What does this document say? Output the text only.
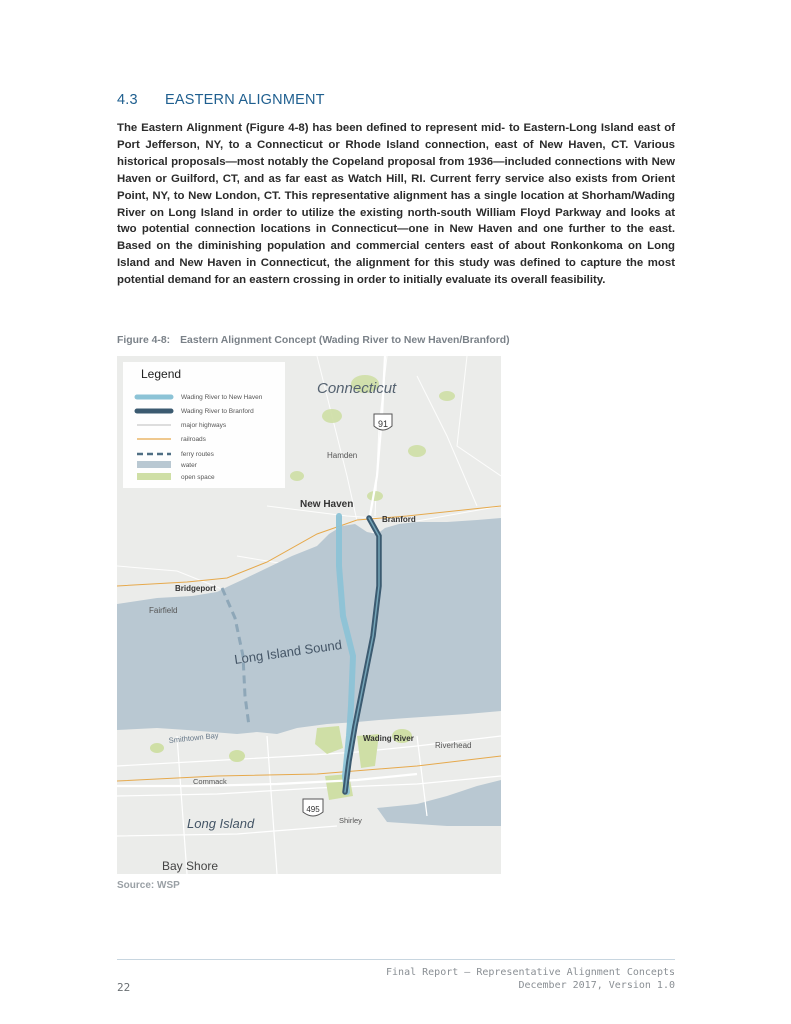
4.3 EASTERN ALIGNMENT
The Eastern Alignment (Figure 4-8) has been defined to represent mid- to Eastern-Long Island east of Port Jefferson, NY, to a Connecticut or Rhode Island connection, east of New Haven, CT. Various historical proposals—most notably the Copeland proposal from 1936—included connections with New Haven or Guilford, CT, and as far east as Watch Hill, RI. Current ferry service also exists from Orient Point, NY, to New London, CT. This representative alignment has a single location at Shorham/Wading River on Long Island in order to utilize the existing north-south William Floyd Parkway and looks at two potential connection locations in Connecticut—one in New Haven and one further to the east. Based on the diminishing population and commercial centers east of about Ronkonkoma on Long Island and New Haven in Connecticut, the alignment for this study was defined to capture the most potential demand for an eastern crossing in order to initially evaluate its overall feasibility.
Figure 4-8: Eastern Alignment Concept (Wading River to New Haven/Branford)
91
495
Connecticut
Hamden
New Haven
Branford
Bridgeport
Fairfield
Long Island Sound
Smithtown Bay	Wading River
Riverhead
Commack
Long Island	Shirley
Bay Shore
Legend
Wading River to New Haven
Wading River to Branford
major highways
railroads
ferry routes
water
open space
Source: WSP
22
Final Report — Representative Alignment Concepts
December 2017, Version 1.0
